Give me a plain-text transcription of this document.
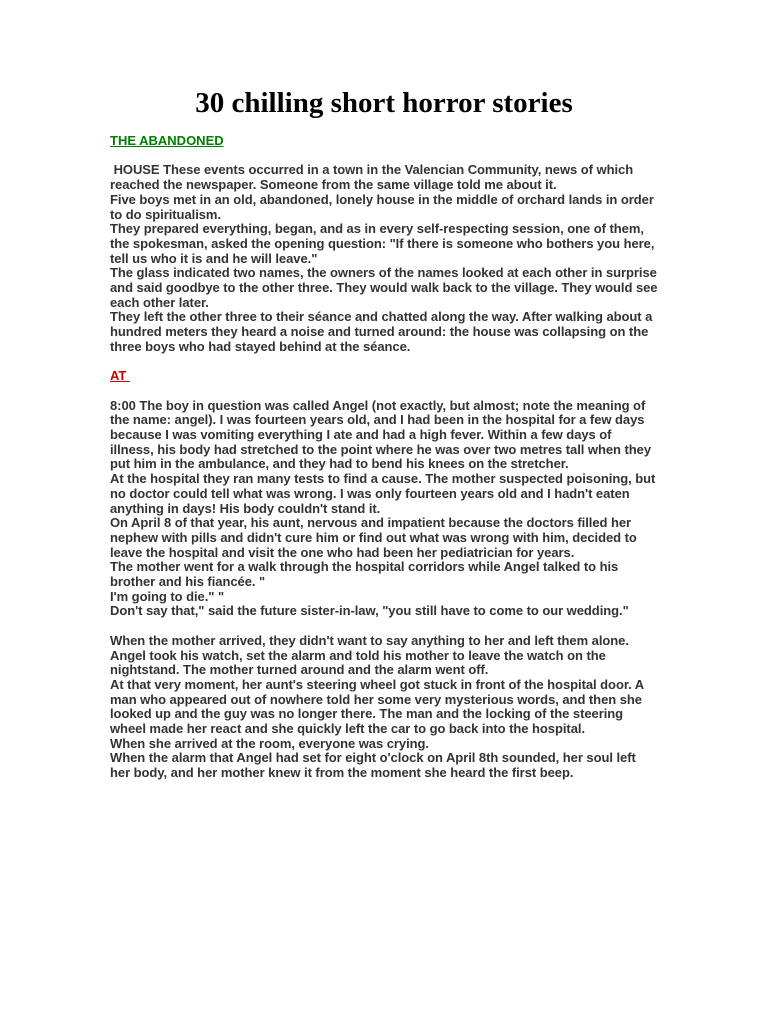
30 chilling short horror stories
THE ABANDONED

HOUSE These events occurred in a town in the Valencian Community, news of which reached the newspaper. Someone from the same village told me about it.

Five boys met in an old, abandoned, lonely house in the middle of orchard lands in order to do spiritualism.

They prepared everything, began, and as in every self-respecting session, one of them, the spokesman, asked the opening question: "If there is someone who bothers you here, tell us who it is and he will leave."

The glass indicated two names, the owners of the names looked at each other in surprise and said goodbye to the other three. They would walk back to the village. They would see each other later.

They left the other three to their séance and chatted along the way. After walking about a hundred meters they heard a noise and turned around: the house was collapsing on the three boys who had stayed behind at the séance.

AT

8:00 The boy in question was called Angel (not exactly, but almost; note the meaning of the name: angel). I was fourteen years old, and I had been in the hospital for a few days because I was vomiting everything I ate and had a high fever. Within a few days of illness, his body had stretched to the point where he was over two metres tall when they put him in the ambulance, and they had to bend his knees on the stretcher.

At the hospital they ran many tests to find a cause. The mother suspected poisoning, but no doctor could tell what was wrong. I was only fourteen years old and I hadn't eaten anything in days! His body couldn't stand it.

On April 8 of that year, his aunt, nervous and impatient because the doctors filled her nephew with pills and didn't cure him or find out what was wrong with him, decided to leave the hospital and visit the one who had been her pediatrician for years.

The mother went for a walk through the hospital corridors while Angel talked to his brother and his fiancée. "

I'm going to die." "

Don't say that," said the future sister-in-law, "you still have to come to our wedding."

When the mother arrived, they didn't want to say anything to her and left them alone. Angel took his watch, set the alarm and told his mother to leave the watch on the nightstand. The mother turned around and the alarm went off.

At that very moment, her aunt's steering wheel got stuck in front of the hospital door. A man who appeared out of nowhere told her some very mysterious words, and then she looked up and the guy was no longer there. The man and the locking of the steering wheel made her react and she quickly left the car to go back into the hospital.

When she arrived at the room, everyone was crying.

When the alarm that Angel had set for eight o'clock on April 8th sounded, her soul left her body, and her mother knew it from the moment she heard the first beep.
